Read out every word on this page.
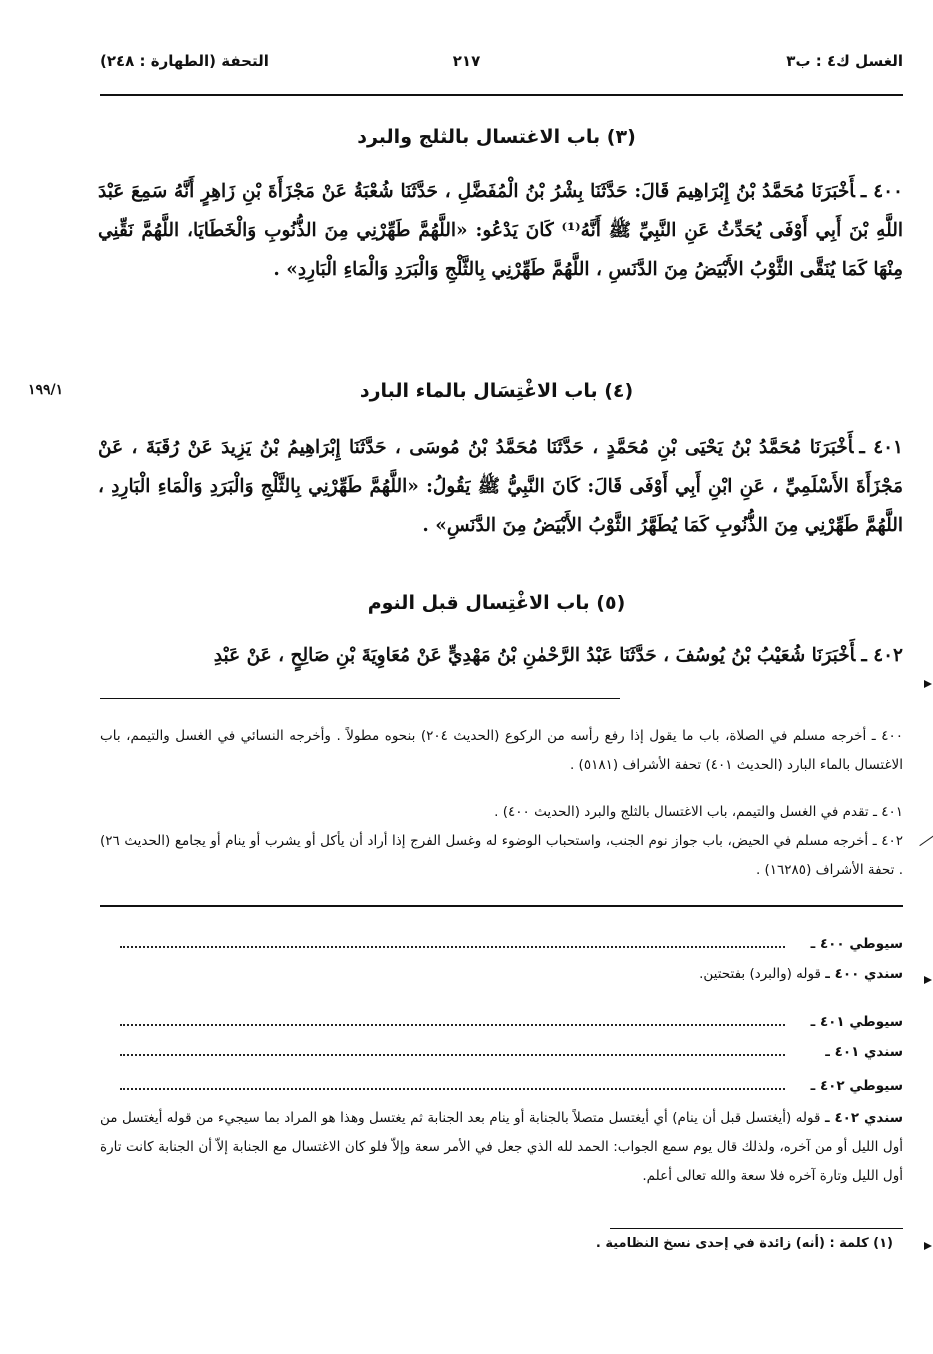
الغسل ك٤ : ب٣
٢١٧
التحفة (الطهارة : ٢٤٨)
(٣) باب الاغتسال بالثلج والبرد
٤٠٠ ـأَخْبَرَنَا مُحَمَّدُ بْنُ إِبْرَاهِيمَ قَالَ: حَدَّثَنَا بِشْرُ بْنُ الْمُفَضَّلِ ، حَدَّثَنَا شُعْبَةُ عَنْ مَجْزَأَةَ بْنِ زَاهِرٍ أَنَّهُ سَمِعَ عَبْدَ اللَّهِ بْنَ أَبِي أَوْفَى يُحَدِّثُ عَنِ النَّبِيِّ ﷺ أَنَّهُ⁽¹⁾ كَانَ يَدْعُو: «اللَّهُمَّ طَهِّرْنِي مِنَ الذُّنُوبِ وَالْخَطَايَا، اللَّهُمَّ نَقِّنِي مِنْهَا كَمَا يُنَقَّى الثَّوْبُ الأَبْيَضُ مِنَ الدَّنَسِ ، اللَّهُمَّ طَهِّرْنِي بِالثَّلْجِ وَالْبَرَدِ وَالْمَاءِ الْبَارِدِ» .
١٩٩/١	(٤) باب الاغْتِسَال بالماء البارد
٤٠١ ـأَخْبَرَنَا مُحَمَّدُ بْنُ يَحْيَى بْنِ مُحَمَّدٍ ، حَدَّثَنَا مُحَمَّدُ بْنُ مُوسَى ، حَدَّثَنَا إِبْرَاهِيمُ بْنُ يَزِيدَ عَنْ رُقَبَةَ ، عَنْ مَجْزَأَةَ الأَسْلَمِيِّ ، عَنِ ابْنِ أَبِي أَوْفَى قَالَ: كَانَ النَّبِيُّ ﷺ يَقُولُ: «اللَّهُمَّ طَهِّرْنِي بِالثَّلْجِ وَالْبَرَدِ وَالْمَاءِ الْبَارِدِ ، اللَّهُمَّ طَهِّرْنِي مِنَ الذُّنُوبِ كَمَا يُطَهَّرُ الثَّوْبُ الأَبْيَضُ مِنَ الدَّنَسِ» .
(٥) باب الاغْتِسال قبل النوم
٤٠٢ ـأَخْبَرَنَا شُعَيْبُ بْنُ يُوسُفَ ، حَدَّثَنَا عَبْدُ الرَّحْمٰنِ بْنُ مَهْدِيٍّ عَنْ مُعَاوِيَةَ بْنِ صَالِحٍ ، عَنْ عَبْدِ
٤٠٠ ـ أخرجه مسلم في الصلاة، باب ما يقول إذا رفع رأسه من الركوع (الحديث ٢٠٤) بنحوه مطولاً . وأخرجه النسائي في الغسل والتيمم، باب الاغتسال بالماء البارد (الحديث ٤٠١) تحفة الأشراف (٥١٨١) .
٤٠١ ـ تقدم في الغسل والتيمم، باب الاغتسال بالثلج والبرد (الحديث ٤٠٠) .
٤٠٢ ـ أخرجه مسلم في الحيض، باب جواز نوم الجنب، واستحباب الوضوء له وغسل الفرج إذا أراد أن يأكل أو يشرب أو ينام أو يجامع (الحديث ٢٦) . تحفة الأشراف (١٦٢٨٥) .
سيوطي ٤٠٠ ـ
سندي ٤٠٠ ـ قوله (والبرد) بفتحتين.
سيوطي ٤٠١ ـ
سندي ٤٠١ ـ
سيوطي ٤٠٢ ـ
سندي ٤٠٢ ـ قوله (أيغتسل قبل أن ينام) أي أيغتسل متصلاً بالجنابة أو ينام بعد الجنابة ثم يغتسل وهذا هو المراد بما سيجيء من قوله أيغتسل من أول الليل أو من آخره، ولذلك قال يوم سمع الجواب: الحمد لله الذي جعل في الأمر سعة وإلاّ فلو كان الاغتسال مع الجنابة إلاّ أن الجنابة كانت تارة أول الليل وتارة آخره فلا سعة والله تعالى أعلم.
(١) كلمة : (أنه) زائدة في إحدى نسخ النظامية .
